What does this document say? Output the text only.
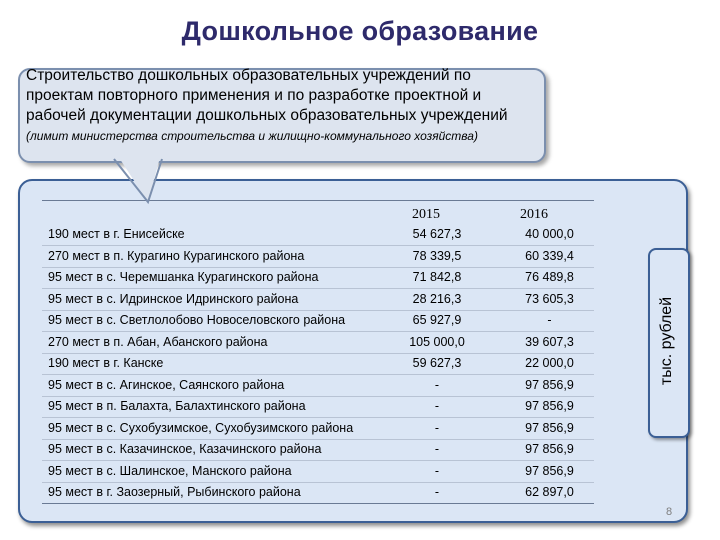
Дошкольное образование
Строительство дошкольных образовательных учреждений по проектам повторного применения и по разработке проектной и рабочей документации дошкольных образовательных учреждений (лимит министерства строительства и жилищно-коммунального хозяйства)
тыс. рублей
2015	2016
190 мест в г. Енисейске	54 627,3	40 000,0
270 мест в п. Курагино Курагинского района	78 339,5	60 339,4
95 мест в с. Черемшанка Курагинского района	71 842,8	76 489,8
95 мест в с. Идринское Идринского района	28 216,3	73 605,3
95 мест в с. Светлолобово Новоселовского района	65 927,9	-
270 мест в п. Абан, Абанского района	105 000,0	39 607,3
190 мест в г. Канске	59 627,3	22 000,0
95 мест в с. Агинское, Саянского района	-	97 856,9
95 мест в п. Балахта, Балахтинского района	-	97 856,9
95 мест в с. Сухобузимское, Сухобузимского района	-	97 856,9
95 мест в с. Казачинское, Казачинского района	-	97 856,9
95 мест в с. Шалинское, Манского района	-	97 856,9
95 мест в г. Заозерный, Рыбинского района	-	62 897,0
8
